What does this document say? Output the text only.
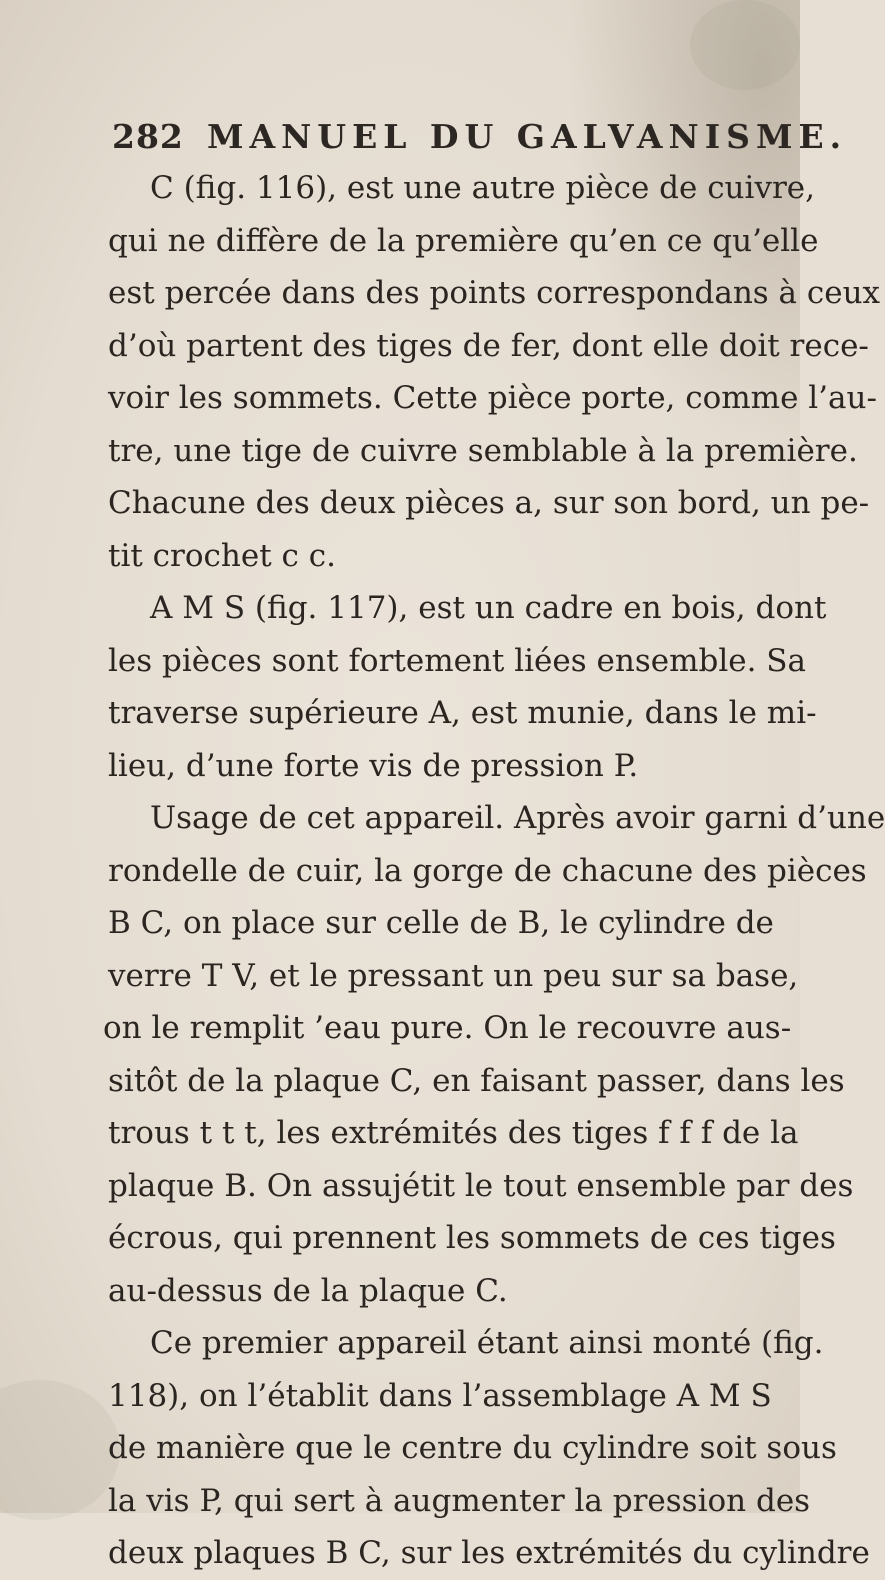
282 MANUEL DU GALVANISME.
C (fig. 116), est une autre pièce de cuivre,
qui ne diffère de la première qu’en ce qu’elle
est percée dans des points correspondans à ceux
d’où partent des tiges de fer, dont elle doit rece-
voir les sommets. Cette pièce porte, comme l’au-
tre, une tige de cuivre semblable à la première.
Chacune des deux pièces a, sur son bord, un pe-
tit crochet c c.
A M S (fig. 117), est un cadre en bois, dont
les pièces sont fortement liées ensemble. Sa
traverse supérieure A, est munie, dans le mi-
lieu, d’une forte vis de pression P.
Usage de cet appareil. Après avoir garni d’une
rondelle de cuir, la gorge de chacune des pièces
B C, on place sur celle de B, le cylindre de
verre T V, et le pressant un peu sur sa base,
on le remplit ’eau pure. On le recouvre aus-
sitôt de la plaque C, en faisant passer, dans les
trous t t t, les extrémités des tiges f f f de la
plaque B. On assujétit le tout ensemble par des
écrous, qui prennent les sommets de ces tiges
au-dessus de la plaque C.
Ce premier appareil étant ainsi monté (fig.
118), on l’établit dans l’assemblage A M S
de manière que le centre du cylindre soit sous
la vis P, qui sert à augmenter la pression des
deux plaques B C, sur les extrémités du cylindre
